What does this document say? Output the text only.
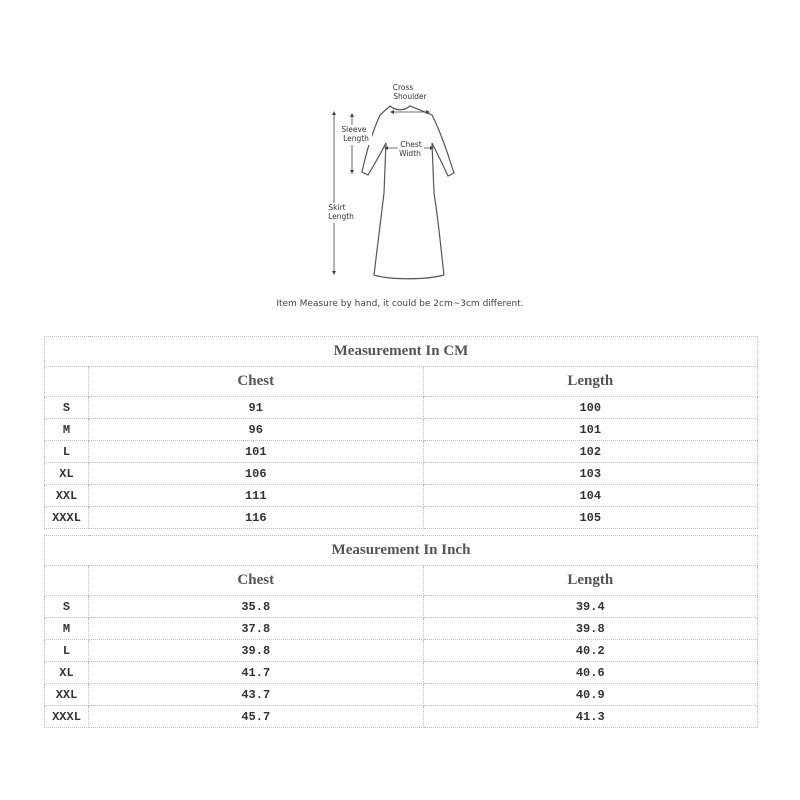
Cross
Shoulder
Sleeve
Length
Chest
Width
Skirt
Length
Item Measure by hand, it could be 2cm~3cm different.
Measurement In CM		
	Chest	Length
S	91	100
M	96	101
L	101	102
XL	106	103
XXL	111	104
XXXL	116	105
Measurement In Inch		
	Chest	Length
S	35.8	39.4
M	37.8	39.8
L	39.8	40.2
XL	41.7	40.6
XXL	43.7	40.9
XXXL	45.7	41.3
